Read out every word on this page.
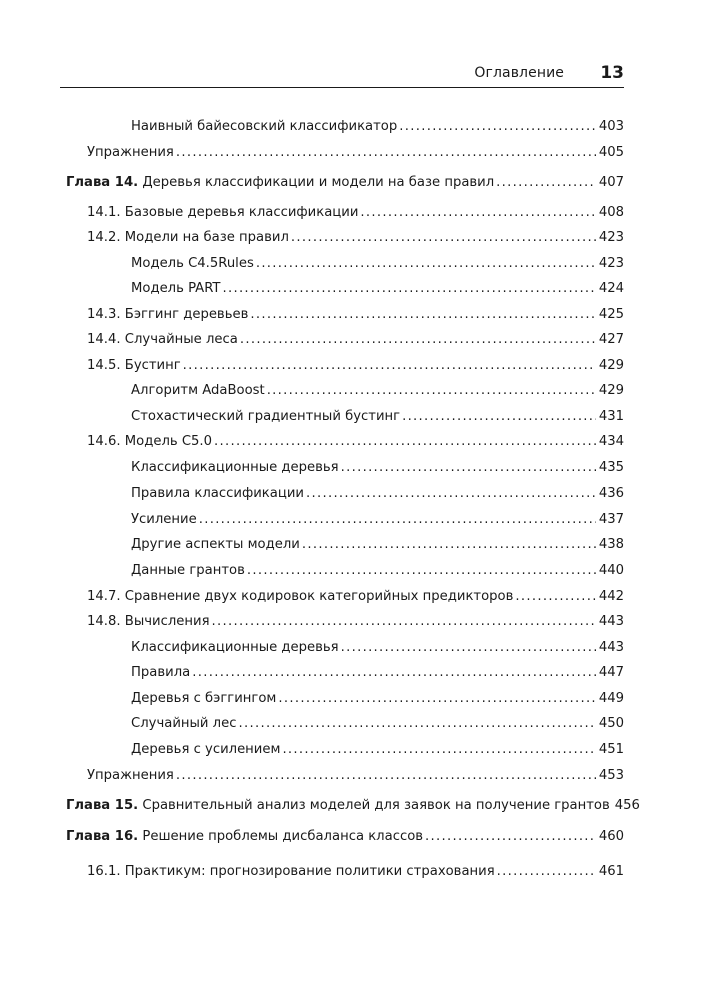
Оглавление 13
Наивный байесовский классификатор .....	403
Упражнения .....	405
Глава 14. Деревья классификации и модели на базе правил .....	407
14.1. Базовые деревья классификации .....	408
14.2. Модели на базе правил .....	423
Модель C4.5Rules .....	423
Модель PART .....	424
14.3. Бэггинг деревьев .....	425
14.4. Случайные леса .....	427
14.5. Бустинг .....	429
Алгоритм AdaBoost .....	429
Стохастический градиентный бустинг .....	431
14.6. Модель C5.0 .....	434
Классификационные деревья .....	435
Правила классификации .....	436
Усиление .....	437
Другие аспекты модели .....	438
Данные грантов .....	440
14.7. Сравнение двух кодировок категорийных предикторов .....	442
14.8. Вычисления .....	443
Классификационные деревья .....	443
Правила .....	447
Деревья с бэггингом .....	449
Случайный лес .....	450
Деревья с усилением .....	451
Упражнения .....	453
Глава 15. Сравнительный анализ моделей для заявок на получение грантов 456
Глава 16. Решение проблемы дисбаланса классов .....	460
16.1. Практикум: прогнозирование политики страхования .....	461
